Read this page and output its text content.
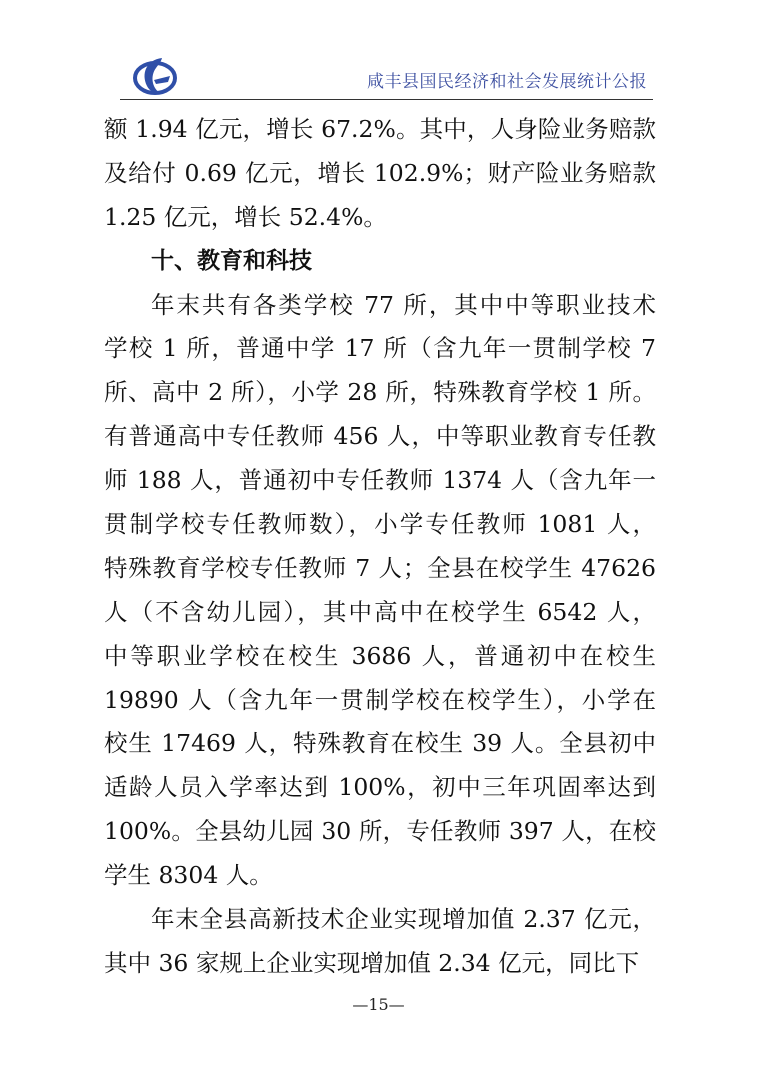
咸丰县国民经济和社会发展统计公报
额 1.94 亿元，增长 67.2%。其中，人身险业务赔款
及给付 0.69 亿元，增长 102.9%；财产险业务赔款
1.25 亿元，增长 52.4%。
十、教育和科技
年末共有各类学校 77 所，其中中等职业技术
学校 1 所，普通中学 17 所（含九年一贯制学校 7
所、高中 2 所），小学 28 所，特殊教育学校 1 所。
有普通高中专任教师 456 人，中等职业教育专任教
师 188 人，普通初中专任教师 1374 人（含九年一
贯制学校专任教师数），小学专任教师 1081 人，
特殊教育学校专任教师 7 人；全县在校学生 47626
人（不含幼儿园），其中高中在校学生 6542 人，
中等职业学校在校生 3686 人，普通初中在校生
19890 人（含九年一贯制学校在校学生），小学在
校生 17469 人，特殊教育在校生 39 人。全县初中
适龄人员入学率达到 100%，初中三年巩固率达到
100%。全县幼儿园 30 所，专任教师 397 人，在校
学生 8304 人。
年末全县高新技术企业实现增加值 2.37 亿元，
其中 36 家规上企业实现增加值 2.34 亿元，同比下
—15—
